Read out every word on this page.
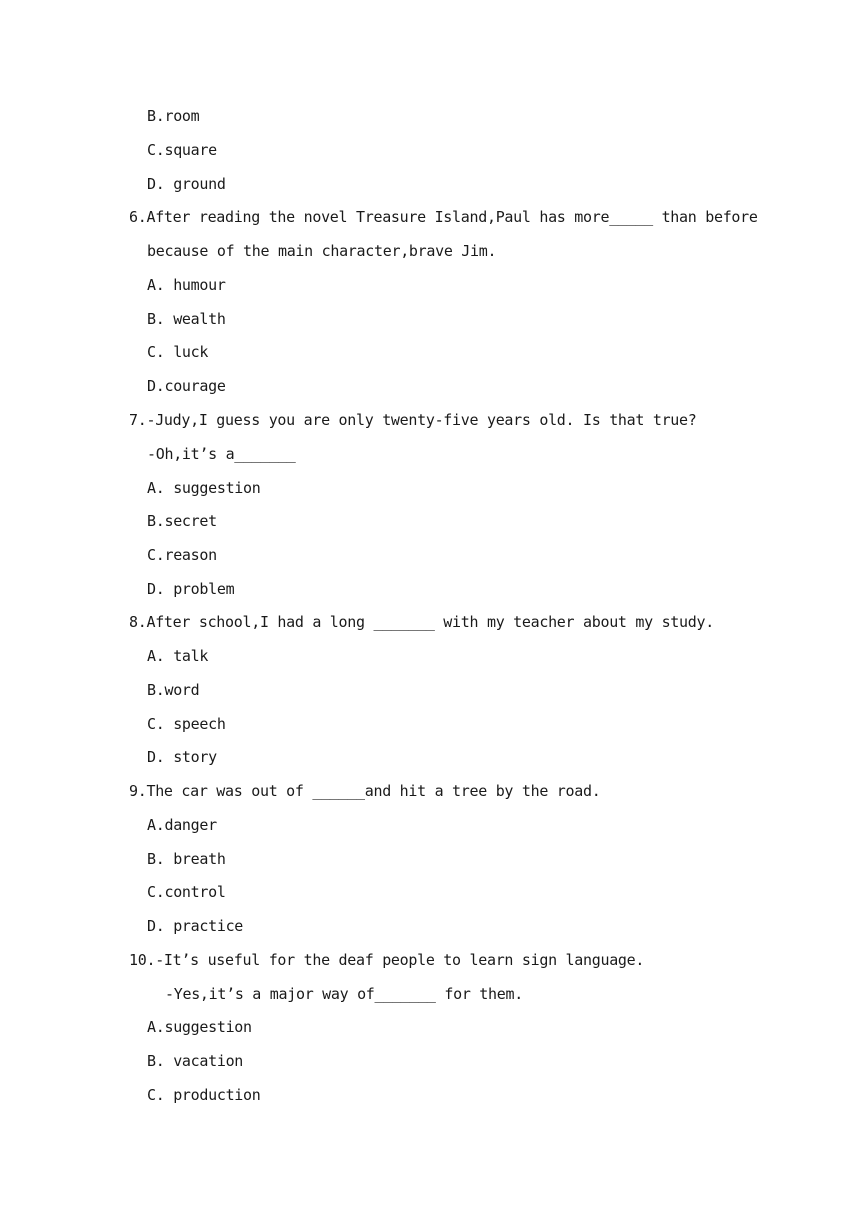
B.room
C.square
D. ground
6.After reading the novel Treasure Island,Paul has more_____ than before
because of the main character,brave Jim.
A. humour
B. wealth
C. luck
D.courage
7.-Judy,I guess you are only twenty-five years old. Is that true?
-Oh,it’s a_______
A. suggestion
B.secret
C.reason
D. problem
8.After school,I had a long _______ with my teacher about my study.
A. talk
B.word
C. speech
D. story
9.The car was out of ______and hit a tree by the road.
A.danger
B. breath
C.control
D. practice
10.-It’s useful for the deaf people to learn sign language.
-Yes,it’s a major way of_______ for them.
A.suggestion
B. vacation
C. production
